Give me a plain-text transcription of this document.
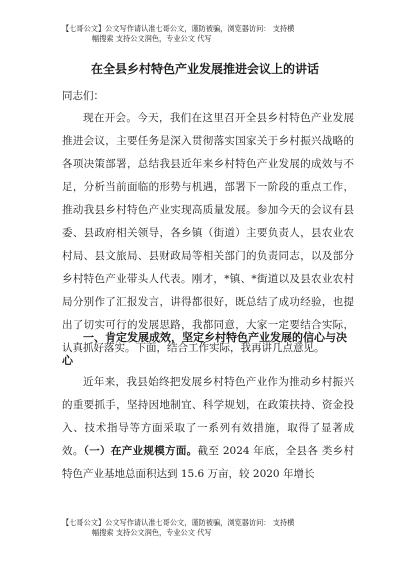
【七哥公文】公文写作请认准七哥公文，谨防被骗，浏览器访问： 支持横
幅搜索 支持公文润色，专业公文 代写
在全县乡村特色产业发展推进会议上的讲话
同志们：

现在开会。今天，我们在这里召开全县乡村特色产业发展推进会议，主要任务是深入贯彻落实国家关于乡村振兴战略的各项决策部署，总结我县近年来乡村特色产业发展的成效与不足，分析当前面临的形势与机遇，部署下一阶段的重点工作，推动我县乡村特色产业实现高质量发展。参加今天的会议有县委、县政府相关领导，各乡镇（街道）主要负责人，县农业农村局、县文旅局、县财政局等相关部门的负责同志，以及部分乡村特色产业带头人代表。刚才，*镇、*街道以及县农业农村局分别作了汇报发言，讲得都很好，既总结了成功经验，也提出了切实可行的发展思路，我都同意，大家一定要结合实际，认真抓好落实。下面，结合工作实际，我再讲几点意见。

一、肯定发展成效，坚定乡村特色产业发展的信心与决心

近年来，我县始终把发展乡村特色产业作为推动乡村振兴的重要抓手，坚持因地制宜、科学规划，在政策扶持、资金投入、技术指导等方面采取了一系列有效措施，取得了显著成效。（一）在产业规模方面。截至 2024 年底，全县各 类乡村特色产业基地总面积达到 15.6 万亩，较 2020 年增长

【七哥公文】公文写作请认准七哥公文，谨防被骗，浏览器访问： 支持横
幅搜索 支持公文润色，专业公文 代写
